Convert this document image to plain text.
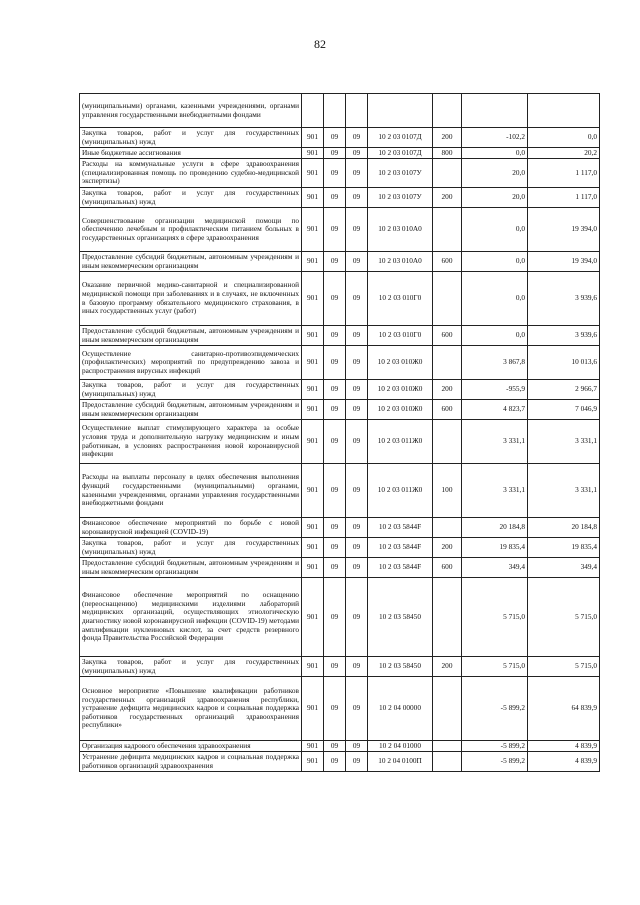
82
(муниципальными) органами, казенными учреждениями, органами управления государственными внебюджетными фондами							
Закупка товаров, работ и услуг для государственных (муниципальных) нужд	901	09	09	10 2 03 0107Д	200	-102,2	0,0
Иные бюджетные ассигнования	901	09	09	10 2 03 0107Д	800	0,0	20,2
Расходы на коммунальные услуги в сфере здравоохранения (специализированная помощь по проведению судебно-медицинской экспертизы)	901	09	09	10 2 03 0107У		20,0	1 117,0
Закупка товаров, работ и услуг для государственных (муниципальных) нужд	901	09	09	10 2 03 0107У	200	20,0	1 117,0
Совершенствование организации медицинской помощи по обеспечению лечебным и профилактическим питанием больных в государственных организациях в сфере здравоохранения	901	09	09	10 2 03 010А0		0,0	19 394,0
Предоставление субсидий бюджетным, автономным учреждениям и иным некоммерческим организациям	901	09	09	10 2 03 010А0	600	0,0	19 394,0
Оказание первичной медико-санитарной и специализированной медицинской помощи при заболеваниях и в случаях, не включенных в базовую программу обязательного медицинского страхования, в иных государственных услуг (работ)	901	09	09	10 2 03 010Г0		0,0	3 939,6
Предоставление субсидий бюджетным, автономным учреждениям и иным некоммерческим организациям	901	09	09	10 2 03 010Г0	600	0,0	3 939,6
Осуществление санитарно-противоэпидемических (профилактических) мероприятий по предупреждению завоза и распространения вирусных инфекций	901	09	09	10 2 03 010Ж0		3 867,8	10 013,6
Закупка товаров, работ и услуг для государственных (муниципальных) нужд	901	09	09	10 2 03 010Ж0	200	-955,9	2 966,7
Предоставление субсидий бюджетным, автономным учреждениям и иным некоммерческим организациям	901	09	09	10 2 03 010Ж0	600	4 823,7	7 046,9
Осуществление выплат стимулирующего характера за особые условия труда и дополнительную нагрузку медицинским и иным работникам, в условиях распространения новой коронавирусной инфекции	901	09	09	10 2 03 011Ж0		3 331,1	3 331,1
Расходы на выплаты персоналу в целях обеспечения выполнения функций государственными (муниципальными) органами, казенными учреждениями, органами управления государственными внебюджетными фондами	901	09	09	10 2 03 011Ж0	100	3 331,1	3 331,1
Финансовое обеспечение мероприятий по борьбе с новой коронавирусной инфекцией (COVID-19)	901	09	09	10 2 03 5844F		20 184,8	20 184,8
Закупка товаров, работ и услуг для государственных (муниципальных) нужд	901	09	09	10 2 03 5844F	200	19 835,4	19 835,4
Предоставление субсидий бюджетным, автономным учреждениям и иным некоммерческим организациям	901	09	09	10 2 03 5844F	600	349,4	349,4
Финансовое обеспечение мероприятий по оснащению (переоснащению) медицинскими изделиями лабораторий медицинских организаций, осуществляющих этиологическую диагностику новой коронавирусной инфекции (COVID-19) методами амплификации нуклеиновых кислот, за счет средств резервного фонда Правительства Российской Федерации	901	09	09	10 2 03 58450		5 715,0	5 715,0
Закупка товаров, работ и услуг для государственных (муниципальных) нужд	901	09	09	10 2 03 58450	200	5 715,0	5 715,0
Основное мероприятие «Повышение квалификации работников государственных организаций здравоохранения республики, устранение дефицита медицинских кадров и социальная поддержка работников государственных организаций здравоохранения республики»	901	09	09	10 2 04 00000		-5 899,2	64 839,9
Организация кадрового обеспечения здравоохранения	901	09	09	10 2 04 01000		-5 899,2	4 839,9
Устранение дефицита медицинских кадров и социальная поддержка работников организаций здравоохранения	901	09	09	10 2 04 0100П		-5 899,2	4 839,9
